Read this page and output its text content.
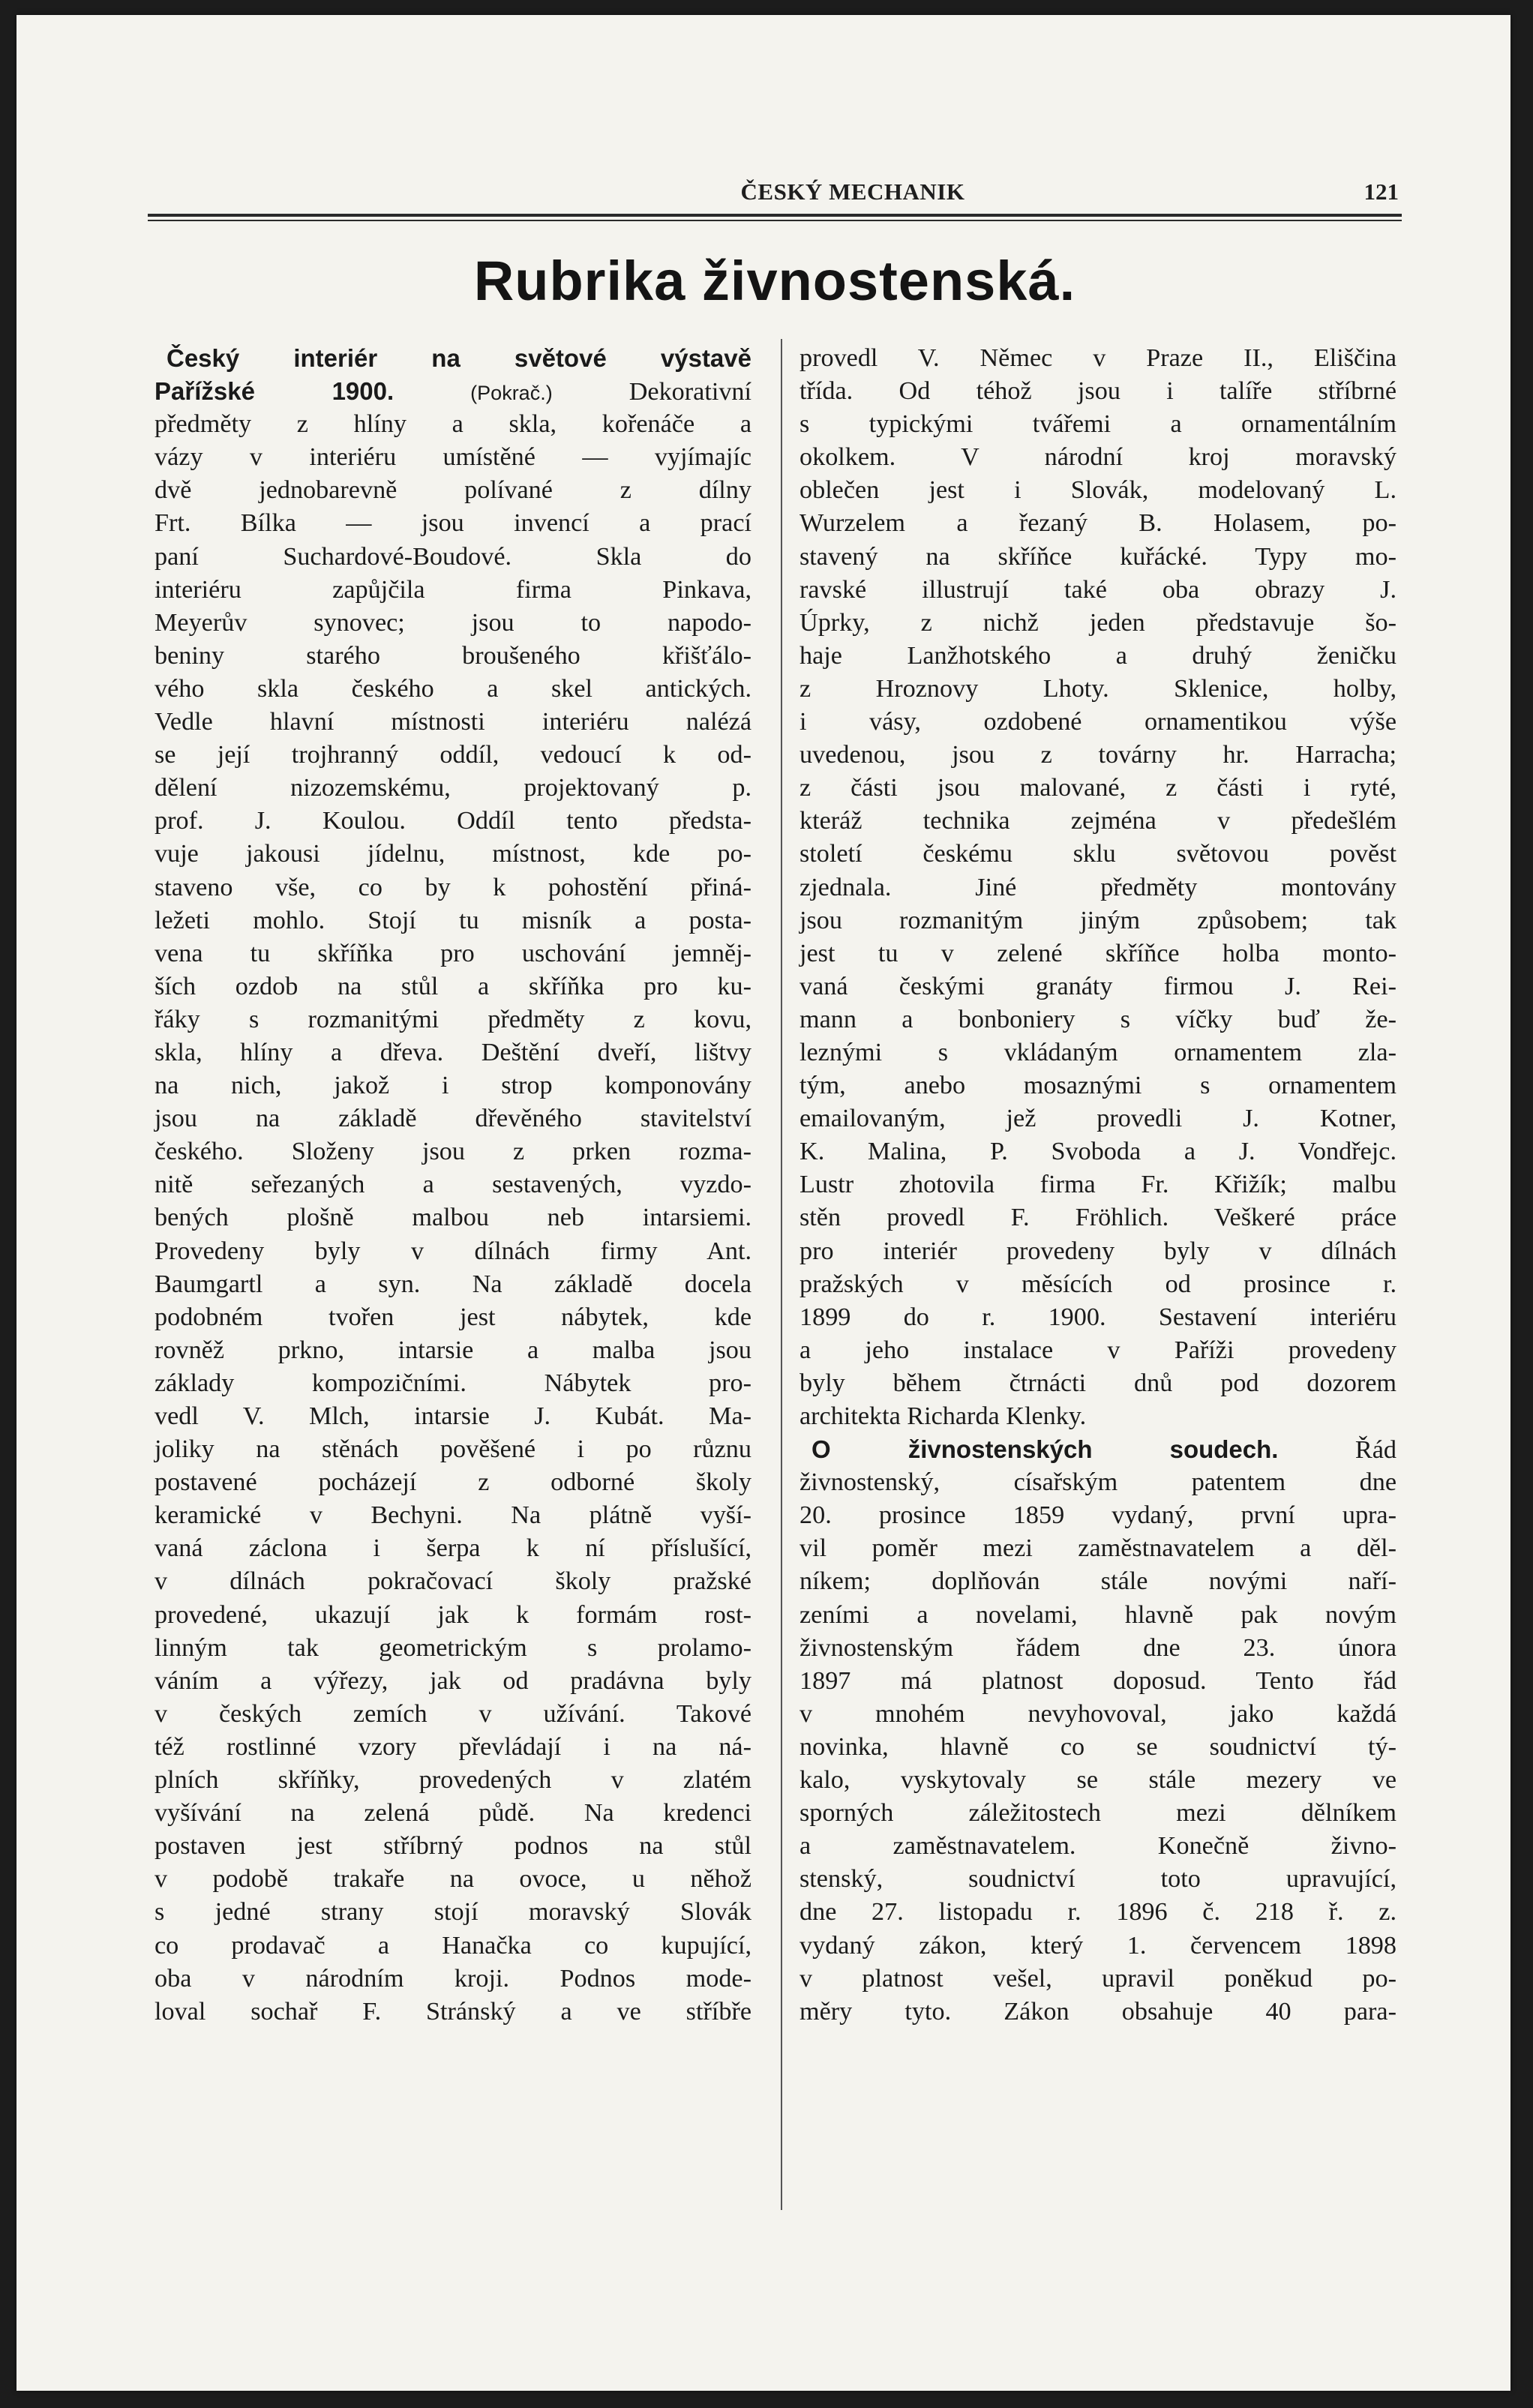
ČESKÝ MECHANIK	121
Rubrika živnostenská.
Český interiér na světové výstavě
Pařížské 1900.	(Pokrač.) Dekorativní
předměty z hlíny a skla, kořenáče a
vázy v interiéru umístěné — vyjímajíc
dvě jednobarevně polívané z dílny
Frt. Bílka — jsou invencí a prací
paní Suchardové-Boudové. Skla do
interiéru zapůjčila firma Pinkava,
Meyerův synovec; jsou to napodo-
beniny starého broušeného křišťálo-
vého skla českého a skel antických.
Vedle hlavní místnosti interiéru nalézá
se její trojhranný oddíl, vedoucí k od-
dělení nizozemskému, projektovaný p.
prof. J. Koulou. Oddíl tento předsta-
vuje jakousi jídelnu, místnost, kde po-
staveno vše, co by k pohostění přiná-
ležeti mohlo. Stojí tu misník a posta-
vena tu skříňka pro uschování jemněj-
ších ozdob na stůl a skříňka pro ku-
řáky s rozmanitými předměty z kovu,
skla, hlíny a dřeva. Deštění dveří, lištvy
na nich, jakož i strop komponovány
jsou na základě dřevěného stavitelství
českého. Složeny jsou z prken rozma-
nitě seřezaných a sestavených, vyzdo-
bených plošně malbou neb intarsiemi.
Provedeny byly v dílnách firmy Ant.
Baumgartl a syn. Na základě docela
podobném tvořen jest nábytek, kde
rovněž prkno, intarsie a malba jsou
základy kompozičními. Nábytek pro-
vedl V. Mlch, intarsie J. Kubát. Ma-
joliky na stěnách pověšené i po různu
postavené pocházejí z odborné školy
keramické v Bechyni. Na plátně vyší-
vaná záclona i šerpa k ní příslušící,
v dílnách pokračovací školy pražské
provedené, ukazují jak k formám rost-
linným tak geometrickým s prolamo-
váním a výřezy, jak od pradávna byly
v českých zemích v užívání. Takové
též rostlinné vzory převládají i na ná-
plních skříňky, provedených v zlatém
vyšívání na zelená půdě. Na kredenci
postaven jest stříbrný podnos na stůl
v podobě trakaře na ovoce, u něhož
s jedné strany stojí moravský Slovák
co prodavač a Hanačka co kupující,
oba v národním kroji. Podnos mode-
loval sochař F. Stránský a ve stříbře
provedl V. Němec v Praze II., Eliščina
třída. Od téhož jsou i talíře stříbrné
s typickými tvářemi a ornamentálním
okolkem. V národní kroj moravský
oblečen jest i Slovák, modelovaný L.
Wurzelem a řezaný B. Holasem, po-
stavený na skříňce kuřácké. Typy mo-
ravské illustrují také oba obrazy J.
Úprky, z nichž jeden představuje šo-
haje Lanžhotského a druhý ženičku
z Hroznovy Lhoty. Sklenice, holby,
i vásy, ozdobené ornamentikou výše
uvedenou, jsou z továrny hr. Harracha;
z části jsou malované, z části i ryté,
kteráž technika zejména v předešlém
století českému sklu světovou pověst
zjednala. Jiné předměty montovány
jsou rozmanitým jiným způsobem; tak
jest tu v zelené skříňce holba monto-
vaná českými granáty firmou J. Rei-
mann a bonboniery s víčky buď že-
leznými s vkládaným ornamentem zla-
tým, anebo mosaznými s ornamentem
emailovaným, jež provedli J. Kotner,
K. Malina, P. Svoboda a J. Vondřejc.
Lustr zhotovila firma Fr. Křižík; malbu
stěn provedl F. Fröhlich. Veškeré práce
pro interiér provedeny byly v dílnách
pražských v měsících od prosince r.
1899 do r. 1900. Sestavení interiéru
a jeho instalace v Paříži provedeny
byly během čtrnácti dnů pod dozorem
architekta Richarda Klenky.
O živnostenských soudech. Řád
živnostenský, císařským patentem dne
20. prosince 1859 vydaný, první upra-
vil poměr mezi zaměstnavatelem a děl-
níkem; doplňován stále novými naří-
zeními a novelami, hlavně pak novým
živnostenským řádem dne 23. února
1897 má platnost doposud. Tento řád
v mnohém nevyhovoval, jako každá
novinka, hlavně co se soudnictví tý-
kalo, vyskytovaly se stále mezery ve
sporných záležitostech mezi dělníkem
a zaměstnavatelem. Konečně živno-
stenský, soudnictví toto upravující,
dne 27. listopadu r. 1896 č. 218 ř. z.
vydaný zákon, který 1. červencem 1898
v platnost vešel, upravil poněkud po-
měry tyto. Zákon obsahuje 40 para-
